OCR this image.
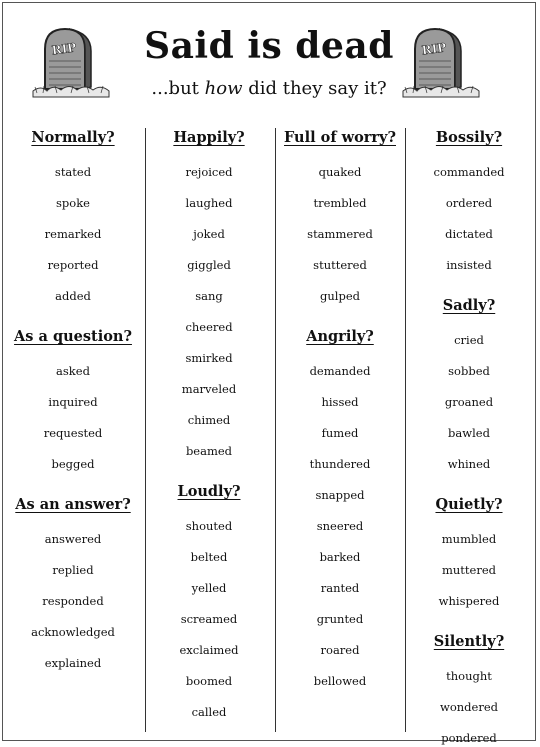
RIP	Said is dead
...but how did they say it?
RIP
Normally?
stated
spoke
remarked
reported
added
As a question?
asked
inquired
requested
begged
As an answer?
answered
replied
responded
acknowledged
explained
Happily?
rejoiced
laughed
joked
giggled
sang
cheered
smirked
marveled
chimed
beamed
Loudly?
shouted
belted
yelled
screamed
exclaimed
boomed
called
Full of worry?
quaked
trembled
stammered
stuttered
gulped
Angrily?
demanded
hissed
fumed
thundered
snapped
sneered
barked
ranted
grunted
roared
bellowed
Bossily?
commanded
ordered
dictated
insisted
Sadly?
cried
sobbed
groaned
bawled
whined
Quietly?
mumbled
muttered
whispered
Silently?
thought
wondered
pondered
